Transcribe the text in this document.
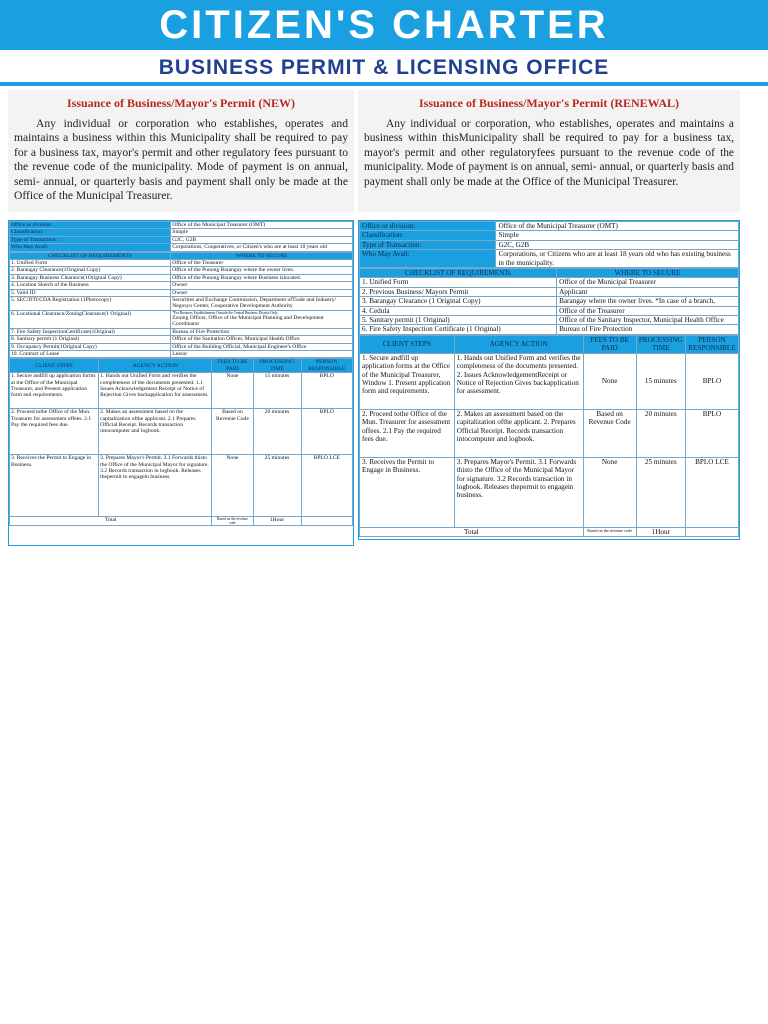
CITIZEN'S CHARTER
BUSINESS PERMIT & LICENSING OFFICE
Issuance of Business/Mayor's Permit (NEW)
Any individual or corporation who establishes, operates and maintains a business within this Municipality shall be required to pay for a business tax, mayor's permit and other regulatory fees pursuant to the revenue code of the municipality. Mode of payment is on annual, semi- annual, or quarterly basis and payment shall only be made at the Office of the Municipal Treasurer.
Office or division:	Office of the Municipal Treasurer (OMT)
Classification:	Simple
Type of Transaction:	G2C, G2B
Who May Avail:	Corporations, Cooperatives, or Citizen's who are at least 18 years old
CHECKLIST OF REQUIREMENTS	WHERE TO SECURE
1. Unified Form	Office of the Treasurer
2. Barangay Clearance(1Original Copy)	Office of the Punong Barangay where the owner lives.
3. Barangay Business Clearance(1Original Copy)	Office of the Punong Barangay where Business islocated.
4. Location Sketch of the Business	Owner
5. Valid ID	Owner
5. SEC/DTI/CDA Registration (1Photocopy)	Securities and Exchange Commission, Department ofTrade and Industry/ Negosyo Center, Cooperative Development Authority
6. Locational Clearance/ZoningClearance(1 Original)	*For Business Establishments Outside the Central Business District Only
Zoning Officer, Office of the Municipal Planning and Development Coordinator

7. Fire Safety InspectionCertificate(1Original)	Bureau of Fire Protection
8. Sanitary permit (1 Original)	Office of the Sanitation Officer, Municipal Health Office
9. Occupancy Permit(1Original Copy)	Office of the Building Official, Municipal Engineer's Office
10. Contract of Lease	Lessor
CLIENT STEPS	AGENCY ACTION	FEES TO BE PAID	PROCESSING TIME	PERSON RESPONSIBLE
1. Secure andfill up application forms at the Office of the Municipal Treasurer, and Present application form and requirements.	1. Hands out Unified Form and verifies the completeness of the documents presented. 1.1 Issues Acknowledgement Receipt or Notice of Rejection Gives backapplication for assessment.	None	15 minutes	BPLO
2. Proceed tothe Office of the Mun. Treasurer for assessment offees. 2.1 Pay the required fees due.	2. Makes an assessment based on the capitalization ofthe applicant. 2.1 Prepares Official Receipt. Records transaction intocomputer and logbook.	Based on Revenue Code	20 minutes	BPLO
3. Receives the Permit to Engage in Business.	3. Prepares Mayor's Permit. 3.1 Forwards thisto the Office of the Municipal Mayor for signature. 3.2 Records transaction in logbook. Releases thepermit to engagein business.	None	25 minutes	BPLO LCE
Total		Based on the revenue code	1Hour	
Issuance of Business/Mayor's Permit (RENEWAL)
Any individual or corporation, who establishes, operates and maintains a business within thisMunicipality shall be required to pay for a business tax, mayor's permit and other regulatoryfees pursuant to the revenue code of the municipality. Mode of payment is on annual, semi- annual, or quarterly basis and payment shall only be made at the Office of the Municipal Treasurer.
Office or division:	Office of the Municipal Treasurer (OMT)
Classification:	Simple
Type of Transaction:	G2C, G2B
Who May Avail:	Corporations, or Citizens who are at least 18 years old who has existing business in the municipality.
CHECKLIST OF REQUIREMENTs	WHERE TO SECURE
1. Unified Form	Office of the Municipal Treasurer
2. Previous Business/ Mayors Permit	Applicant
3. Barangay Clearance (1 Original Copy)	Barangay where the owner lives. *In case of a branch,
4. Cedula	Office of the Treasurer
5. Sanitary permit (1 Original)	Office of the Sanitary Inspector, Municipal Health Office
6. Fire Safety Inspection Certificate (1 Original)	Bureau of Fire Protection
CLIENT STEPS	AGENCY ACTION	FEES TO BE PAID	PROCESSING TIME	PERSON RESPONSIBLE
1. Secure andfill up application forms at the Office of the Municipal Treasurer, Window 1. Present application form and requirements.	1. Hands out Unified Form and verifies the completeness of the documents presented. 2. Issues AcknowledgementReceipt or Notice of Rejection Gives backapplication for assessment.	None	15 minutes	BPLO
2. Proceed tothe Office of the Mun. Treasurer for assessment offees. 2.1 Pay the required fees due.	2. Makes an assessment based on the capitalization ofthe applicant. 2. Prepares Official Receipt. Records transaction intocomputer and logbook.	Based on Revenue Code	20 minutes	BPLO
3. Receives the Permit to Engage in Business.	3. Prepares Mayor's Permit. 3.1 Forwards thisto the Office of the Municipal Mayor for signature. 3.2 Records transaction in logbook. Releases thepermit to engagein business.	None	25 minutes	BPLO LCE
Total		Based on the revenue code	1Hour	
